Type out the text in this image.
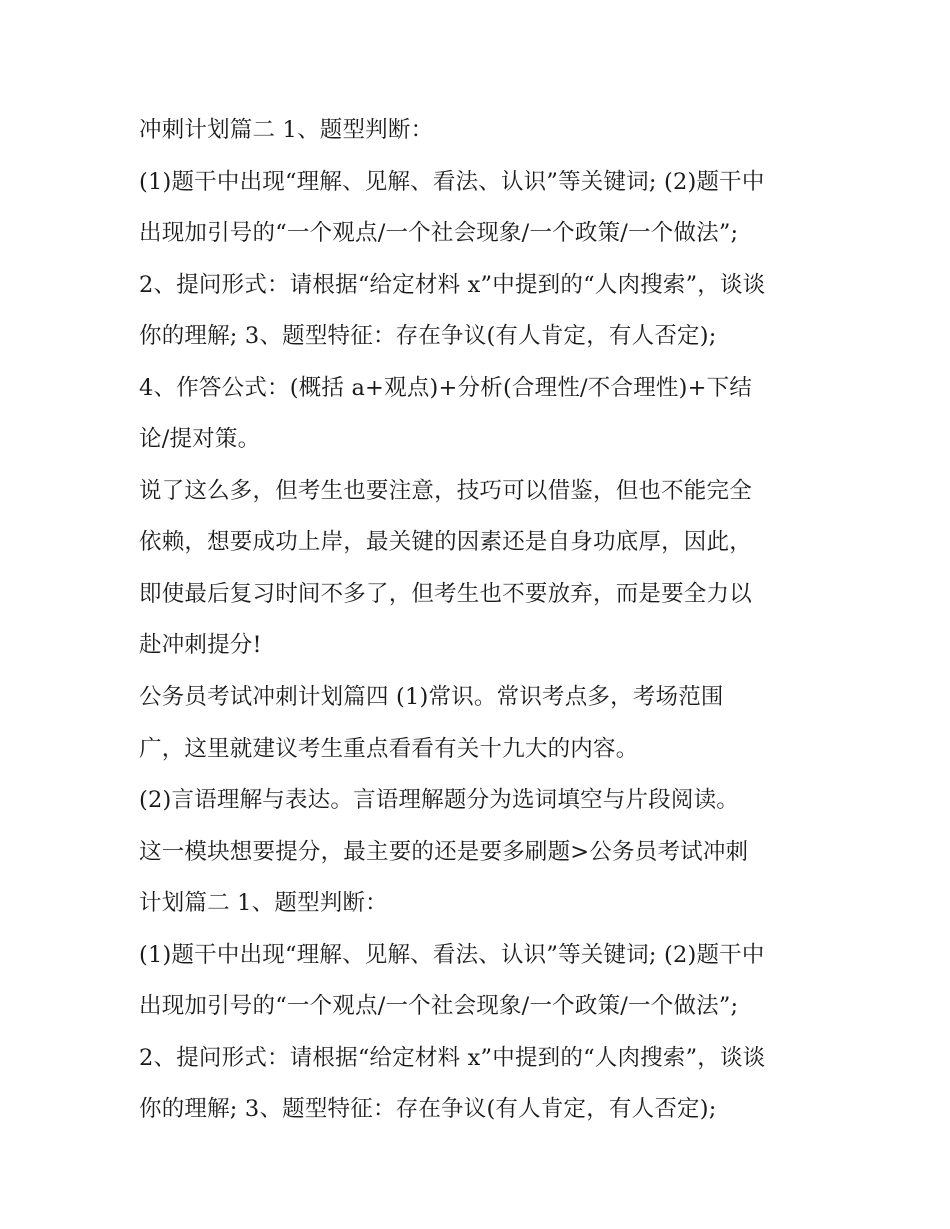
冲刺计划篇二 1、题型判断：
(1)题干中出现“理解、见解、看法、认识”等关键词; (2)题干中
出现加引号的“一个观点/一个社会现象/一个政策/一个做法”;
2、提问形式：请根据“给定材料 x”中提到的“人肉搜索”，谈谈
你的理解; 3、题型特征：存在争议(有人肯定，有人否定);
4、作答公式：(概括 a+观点)+分析(合理性/不合理性)+下结
论/提对策。
说了这么多，但考生也要注意，技巧可以借鉴，但也不能完全
依赖，想要成功上岸，最关键的因素还是自身功底厚，因此，
即使最后复习时间不多了，但考生也不要放弃，而是要全力以
赴冲刺提分!
公务员考试冲刺计划篇四 (1)常识。常识考点多，考场范围
广，这里就建议考生重点看看有关十九大的内容。
(2)言语理解与表达。言语理解题分为选词填空与片段阅读。
这一模块想要提分，最主要的还是要多刷题>公务员考试冲刺
计划篇二 1、题型判断：
(1)题干中出现“理解、见解、看法、认识”等关键词; (2)题干中
出现加引号的“一个观点/一个社会现象/一个政策/一个做法”;
2、提问形式：请根据“给定材料 x”中提到的“人肉搜索”，谈谈
你的理解; 3、题型特征：存在争议(有人肯定，有人否定);
